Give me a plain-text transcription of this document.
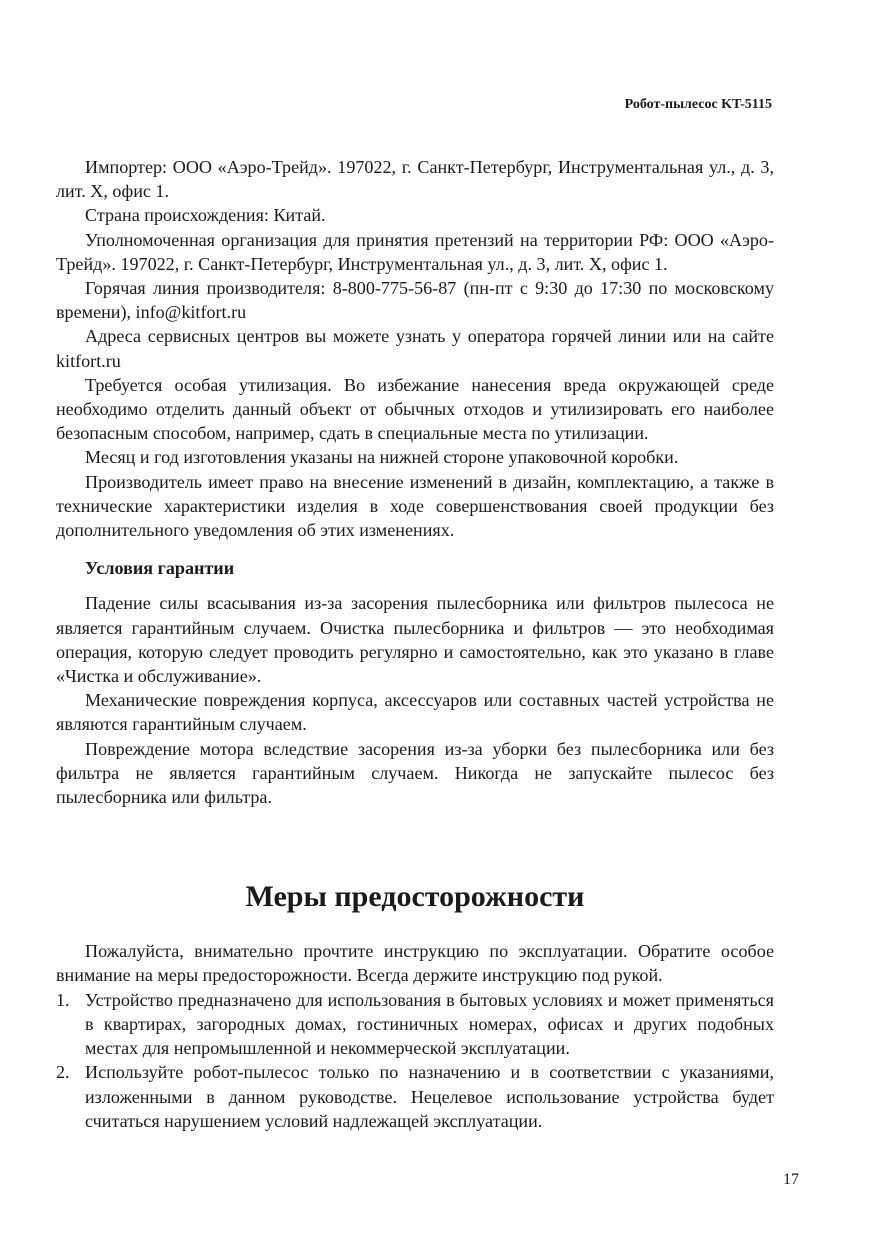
Робот-пылесос KT-5115

Импортер: ООО «Аэро-Трейд». 197022, г. Санкт-Петербург, Инструментальная ул., д. 3, лит. Х, офис 1.

Страна происхождения: Китай.

Уполномоченная организация для принятия претензий на территории РФ: ООО «Аэро-Трейд». 197022, г. Санкт-Петербург, Инструментальная ул., д. 3, лит. Х, офис 1.

Горячая линия производителя: 8-800-775-56-87 (пн-пт с 9:30 до 17:30 по московскому времени), info@kitfort.ru

Адреса сервисных центров вы можете узнать у оператора горячей линии или на сайте kitfort.ru

Требуется особая утилизация. Во избежание нанесения вреда окружающей среде необходимо отделить данный объект от обычных отходов и утилизировать его наиболее безопасным способом, например, сдать в специальные места по утилизации.

Месяц и год изготовления указаны на нижней стороне упаковочной коробки.

Производитель имеет право на внесение изменений в дизайн, комплектацию, а также в технические характеристики изделия в ходе совершенствования своей продукции без дополнительного уведомления об этих изменениях.

Условия гарантии

Падение силы всасывания из-за засорения пылесборника или фильтров пылесоса не является гарантийным случаем. Очистка пылесборника и фильтров — это необходимая операция, которую следует проводить регулярно и самостоятельно, как это указано в главе «Чистка и обслуживание».

Механические повреждения корпуса, аксессуаров или составных частей устройства не являются гарантийным случаем.

Повреждение мотора вследствие засорения из-за уборки без пылесборника или без фильтра не является гарантийным случаем. Никогда не запускайте пылесос без пылесборника или фильтра.

Меры предосторожности

Пожалуйста, внимательно прочтите инструкцию по эксплуатации. Обратите особое внимание на меры предосторожности. Всегда держите инструкцию под рукой.

1. Устройство предназначено для использования в бытовых условиях и может применяться в квартирах, загородных домах, гостиничных номерах, офисах и других подобных местах для непромышленной и некоммерческой эксплуатации.
2. Используйте робот-пылесос только по назначению и в соответствии с указаниями, изложенными в данном руководстве. Нецелевое использование устройства будет считаться нарушением условий надлежащей эксплуатации.
17
